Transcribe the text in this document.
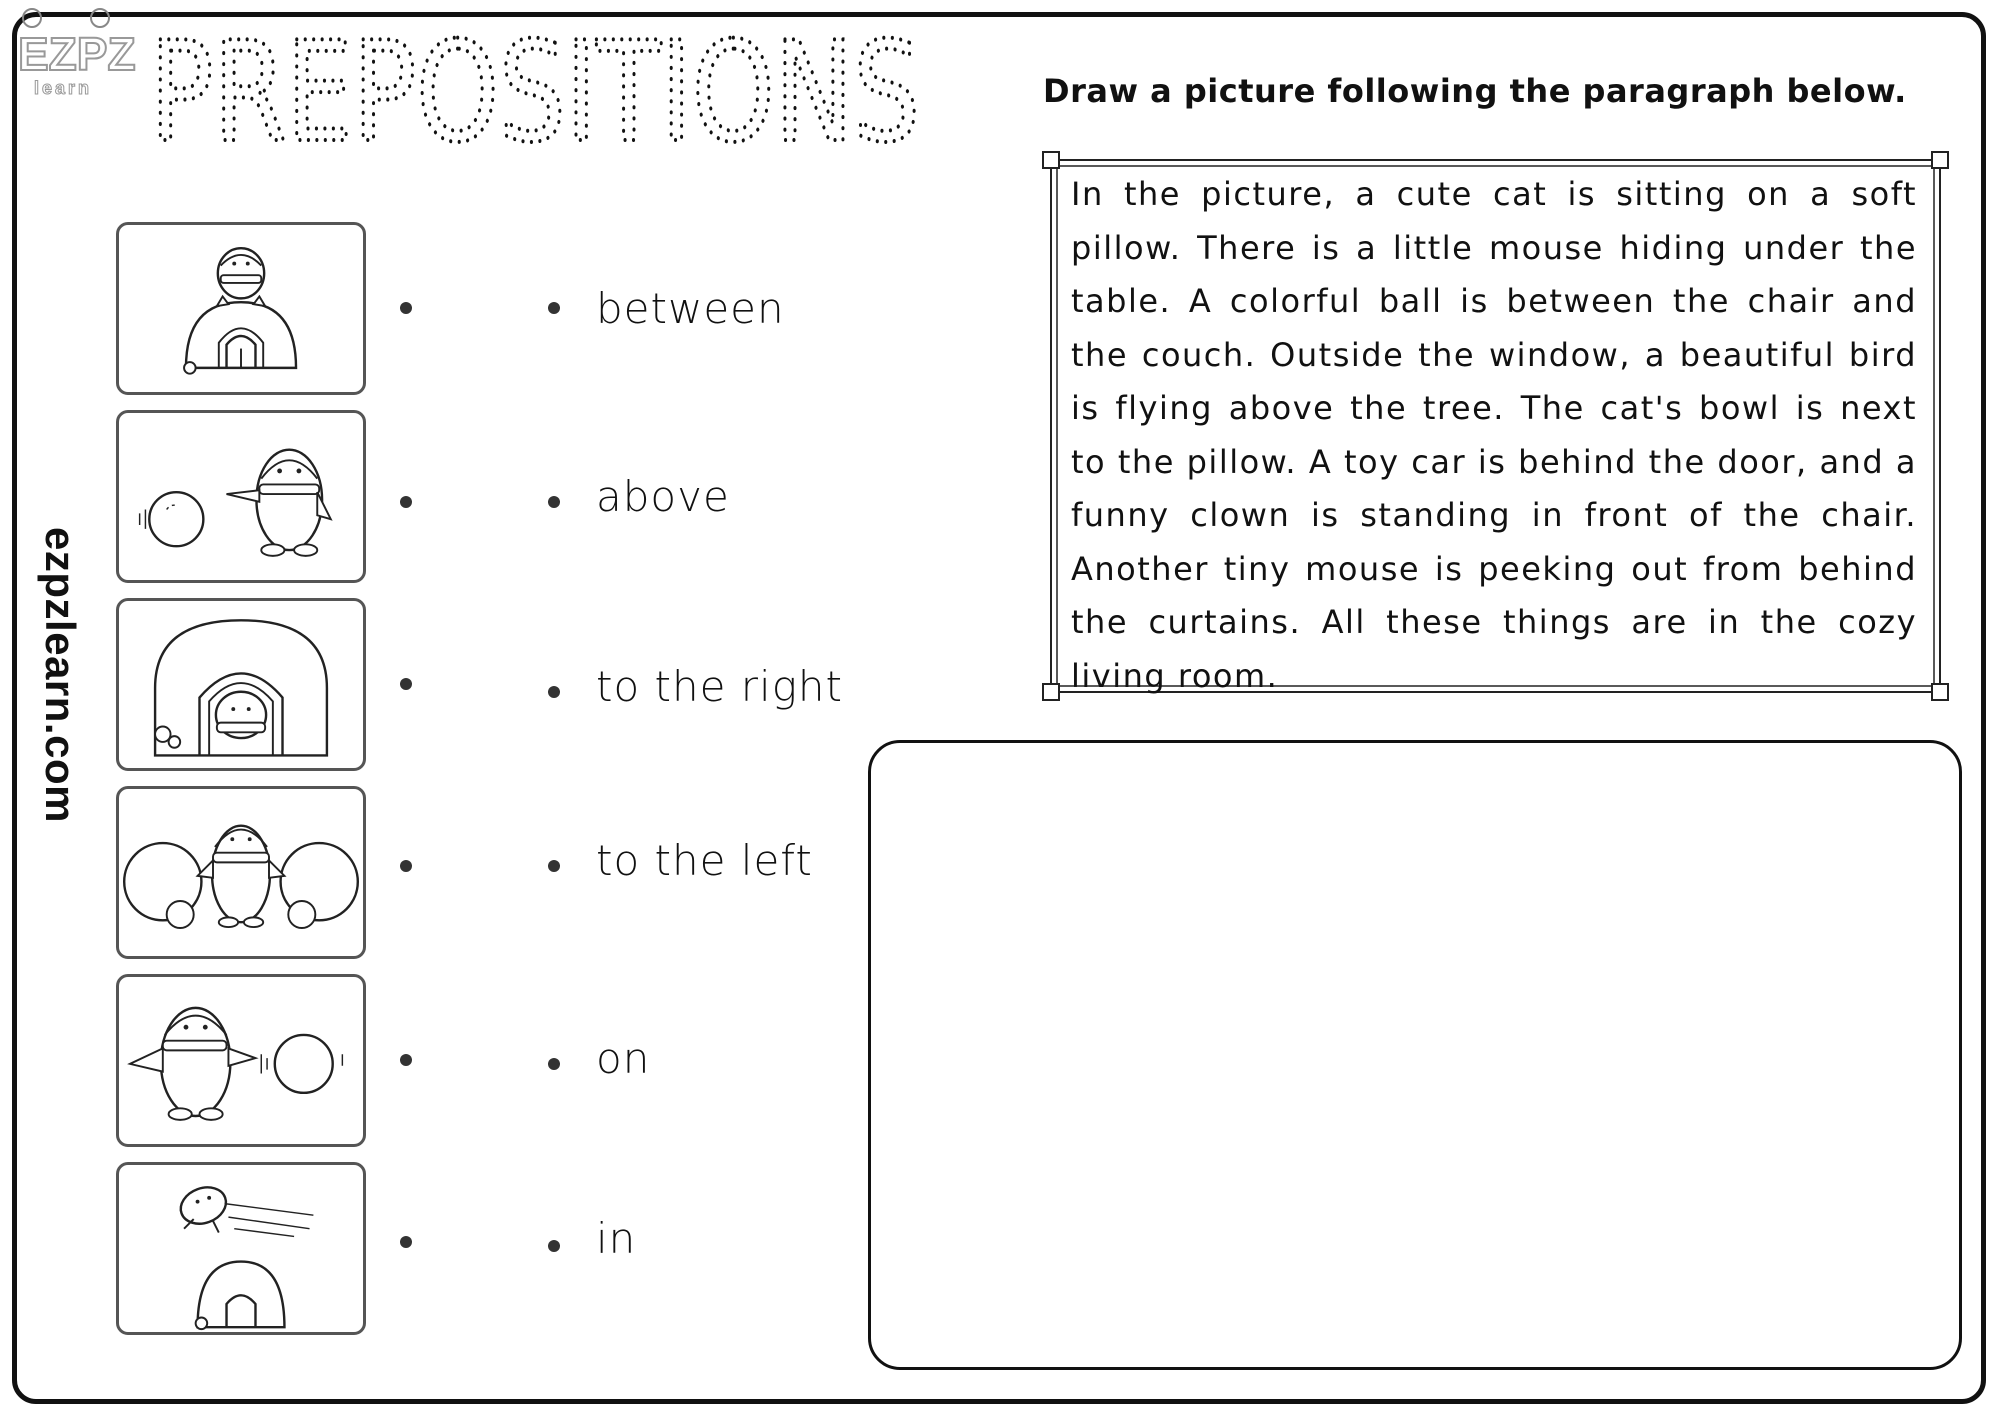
EZPZ
learn PREPOSITIONS
ezpzlearn.com
between
above
to the right
to the left
on
in
Draw a picture following the paragraph below.
In the picture, a cute cat is sitting on a soft pillow. There is a little mouse hiding under the table. A colorful ball is between the chair and the couch. Outside the window, a beautiful bird is flying above the tree. The cat's bowl is next to the pillow. A toy car is behind the door, and a funny clown is standing in front of the chair. Another tiny mouse is peeking out from behind the curtains. All these things are in the cozy living room.
